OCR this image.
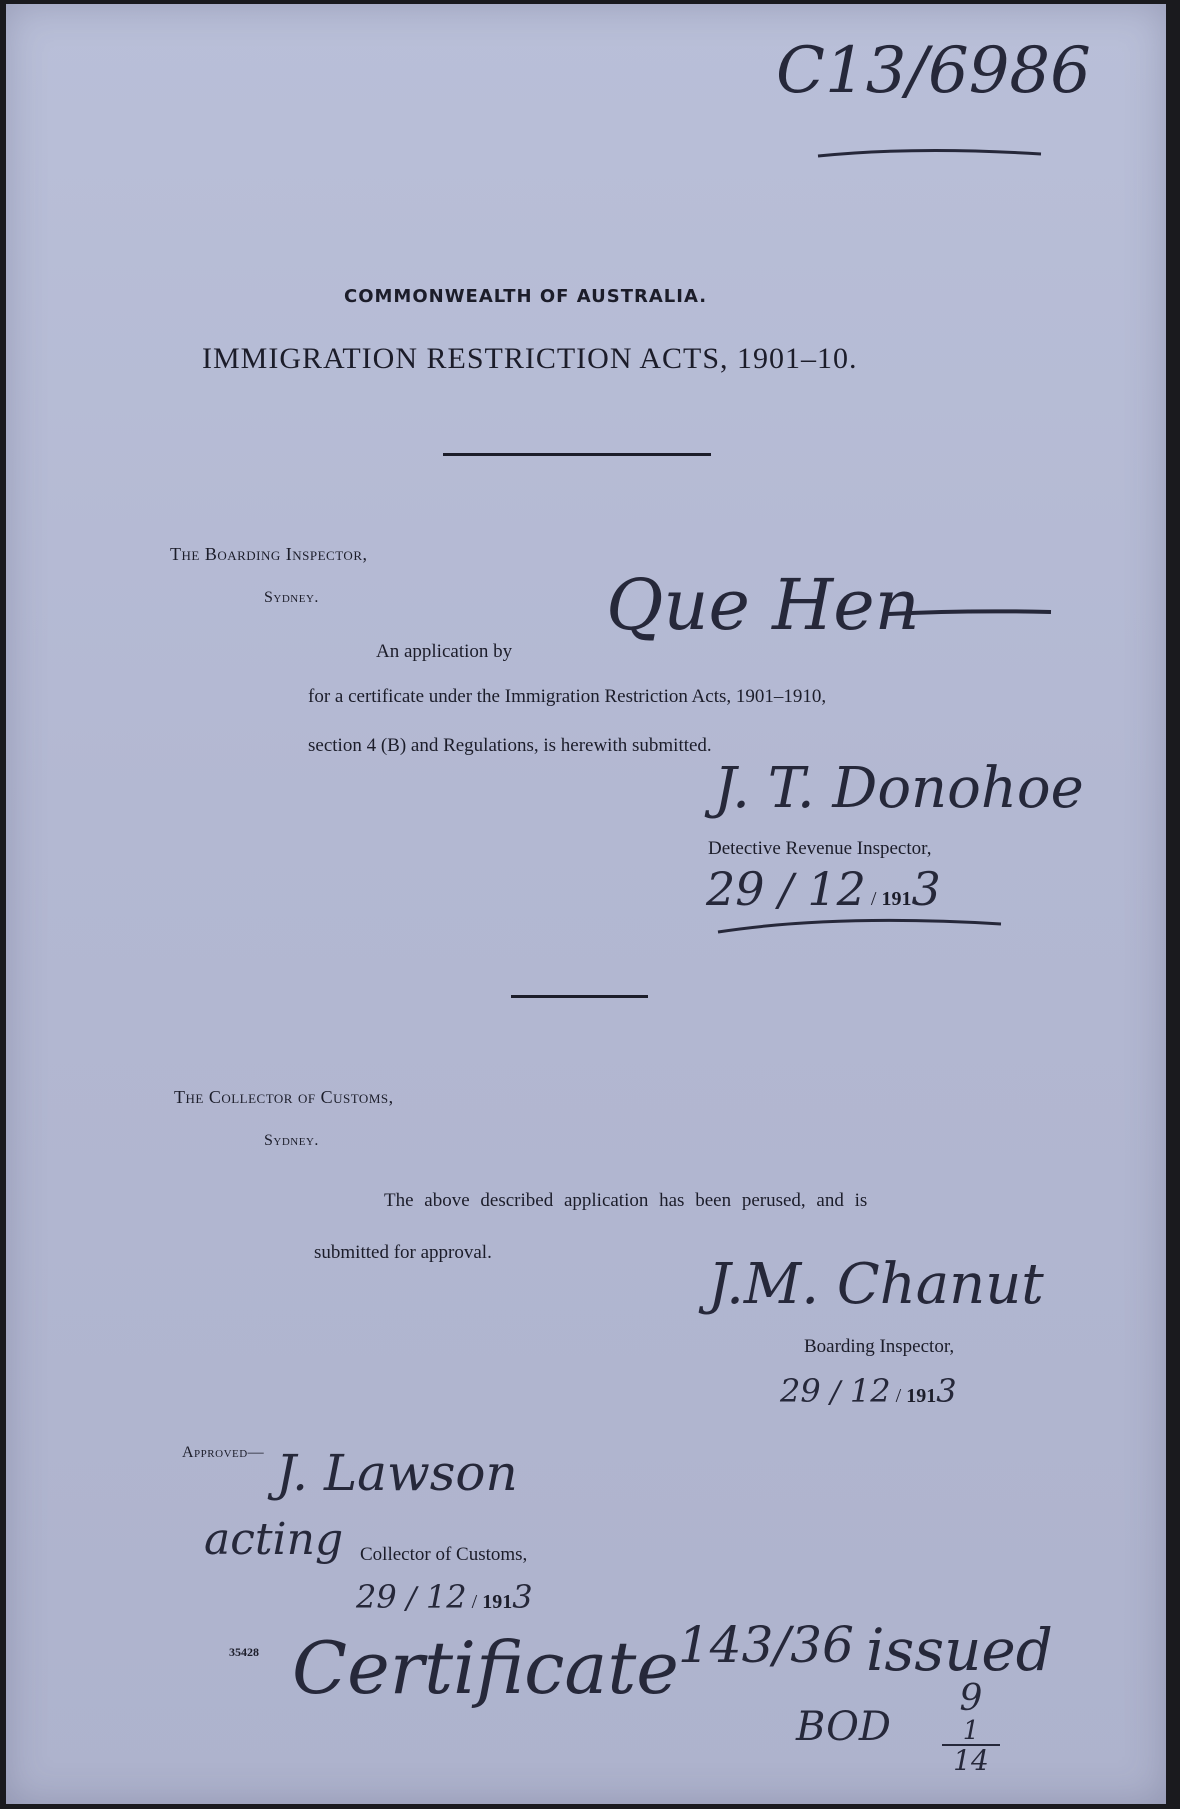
C13/6986
COMMONWEALTH OF AUSTRALIA.
IMMIGRATION RESTRICTION ACTS, 1901–10.
The Boarding Inspector,
Sydney.
An application by
Que Hen
for a certificate under the Immigration Restriction Acts, 1901–1910,
section 4 (B) and Regulations, is herewith submitted.
J. T. Donohoe
Detective Revenue Inspector,
29 / 12 / 1913
The Collector of Customs,
Sydney.
The above described application has been perused, and is
submitted for approval.	J.M. Chanut
Boarding Inspector,
29 / 12 / 1913
Approved— J. Lawson
acting Collector of Customs,
29 / 12 / 1913
35428 Certificate 143/36 issued
BOD
9
1
14
